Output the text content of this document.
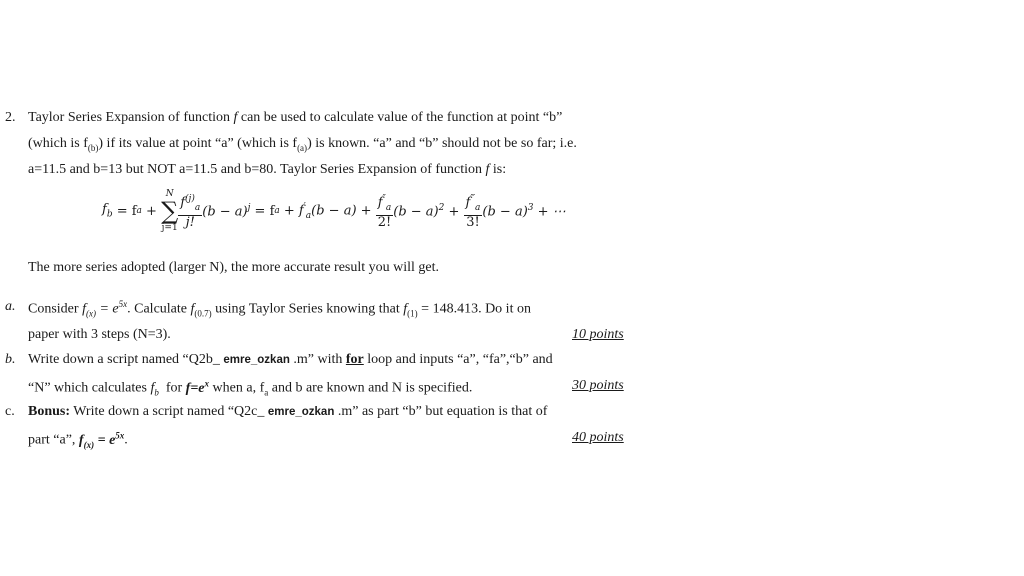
2. Taylor Series Expansion of function f can be used to calculate value of the function at point “b”
(which is $f_{(b)}$) if its value at point “a” (which is $f_{(a)}$) is known. “a” and “b” should not be so far; i.e.
a=11.5 and b=13 but NOT a=11.5 and b=80. Taylor Series Expansion of function f is:
$f_b = f$ a +
N
∑
$j=1 \frac{f^{(j)}_a}{j!} (b - a)^j = f$ $a + f'_a(b - a) + \frac{f''_a}{2!} (b - a)^2 + \frac{f^‴_a}{3!} (b - a)^3$ + ⋯
The more series adopted (larger N), the more accurate result you will get.
a. Consider $f_{(x)} = e^{5x}$. Calculate $f_{(0.7)}$ using Taylor Series knowing that $f_{(1)} = 148.413$. Do it on
paper with 3 steps (N=3).	10 points
b. Write down a script named “Q2b_ emre_ozkan .m” with for loop and inputs “a”, “fa”,“b” and
“N” which calculates $f_b$  for $f=e^x$ when a, $f_a$ and b are known and N is specified.	30 points
c. Bonus: Write down a script named “Q2c_ emre_ozkan .m” as part “b” but equation is that of
part “a”, $f_{(x)} = e^{5x}$.	40 points
